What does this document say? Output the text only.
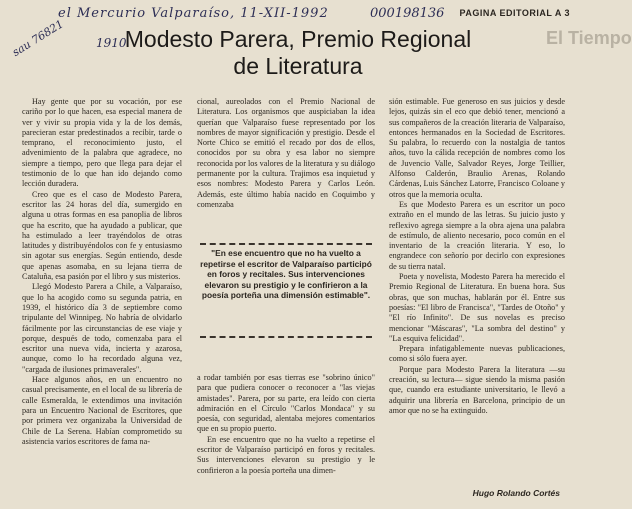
el Mercurio Valparaíso, 11-XII-1992	000198136 PAGINA EDITORIAL A 3
sau 76821	1910	El Tiempo
Modesto Parera, Premio Regional de Literatura

Hay gente que por su vocación, por ese cariño por lo que hacen, esa especial manera de ver y vivir su propia vida y la de los demás, parecieran estar predestinados a recibir, tarde o temprano, el reconocimiento justo, el advenimiento de la palabra que agradece, no siempre a tiempo, pero que llega para dejar el testimonio de lo que han ido dejando como lección duradera.

Creo que es el caso de Modesto Parera, escritor las 24 horas del día, sumergido en alguna u otras formas en esa panoplia de libros que ha escrito, que ha ayudado a publicar, que ha estimulado a leer trayéndolos de otras latitudes y distribuyéndolos con fe y entusiasmo sin agotar sus energías. Según entiendo, desde que apenas asomaba, en su lejana tierra de Cataluña, esa pasión por el libro y sus misterios.

Llegó Modesto Parera a Chile, a Valparaíso, que lo ha acogido como su segunda patria, en 1939, el histórico día 3 de septiembre como tripulante del Winnipeg. No habría de olvidarlo fácilmente por las circunstancias de ese viaje y porque, después de todo, comenzaba para el escritor una nueva vida, incierta y azarosa, aunque, como lo ha recordado alguna vez, "cargada de ilusiones primaverales".

Hace algunos años, en un encuentro no casual precisamente, en el local de su librería de calle Esmeralda, le extendimos una invitación para un Encuentro Nacional de Escritores, que por primera vez organizaba la Universidad de Chile de La Serena. Habían comprometido su asistencia varios escritores de fama na-

cional, aureolados con el Premio Nacional de Literatura. Los organismos que auspiciaban la idea querían que Valparaíso fuese representado por los nombres de mayor significación y prestigio. Desde el Norte Chico se emitió el recado por dos de ellos, conocidos por su obra y esa labor no siempre reconocida por los valores de la literatura y su diálogo permanente por la cultura. Trajimos esa inquietud y esos nombres: Modesto Parera y Carlos León. Además, este último había nacido en Coquimbo y comenzaba

"En ese encuentro que no ha vuelto a repetirse el escritor de Valparaíso participó en foros y recitales. Sus intervenciones elevaron su prestigio y le confirieron a la poesía porteña una dimensión estimable".

a rodar también por esas tierras ese "sobrino único" para que pudiera conocer o reconocer a "las viejas amistades". Parera, por su parte, era leído con cierta admiración en el Círculo "Carlos Mondaca" y su poesía, con seguridad, alentaba mejores comentarios que en su propio puerto.

En ese encuentro que no ha vuelto a repetirse el escritor de Valparaíso participó en foros y recitales. Sus intervenciones elevaron su prestigio y le confirieron a la poesía porteña una dimen-

sión estimable. Fue generoso en sus juicios y desde lejos, quizás sin el eco que debió tener, mencionó a sus compañeros de la creación literaria de Valparaíso, entonces hermanados en la Sociedad de Escritores. Su palabra, lo recuerdo con la nostalgia de tantos años, tuvo la cálida recepción de nombres como los de Juvencio Valle, Salvador Reyes, Jorge Teillier, Alfonso Calderón, Braulio Arenas, Rolando Cárdenas, Luis Sánchez Latorre, Francisco Coloane y otros que la memoria oculta.

Es que Modesto Parera es un escritor un poco extraño en el mundo de las letras. Su juicio justo y reflexivo agrega siempre a la obra ajena una palabra de estímulo, de aliento necesario, poco común en el inventario de la creación literaria. Y eso, lo engrandece con señorío por decirlo con expresiones de su tierra natal.

Poeta y novelista, Modesto Parera ha merecido el Premio Regional de Literatura. En buena hora. Sus obras, que son muchas, hablarán por él. Entre sus poesías: "El libro de Francisca", "Tardes de Otoño" y "El río Infinito". De sus novelas es preciso mencionar "Máscaras", "La sombra del destino" y "La esquiva felicidad".

Prepara infatigablemente nuevas publicaciones, como si sólo fuera ayer.

Porque para Modesto Parera la literatura —su creación, su lectura— sigue siendo la misma pasión que, cuando era estudiante universitario, le llevó a adquirir una librería en Barcelona, principio de un amor que no se ha extinguido.

Hugo Rolando Cortés
